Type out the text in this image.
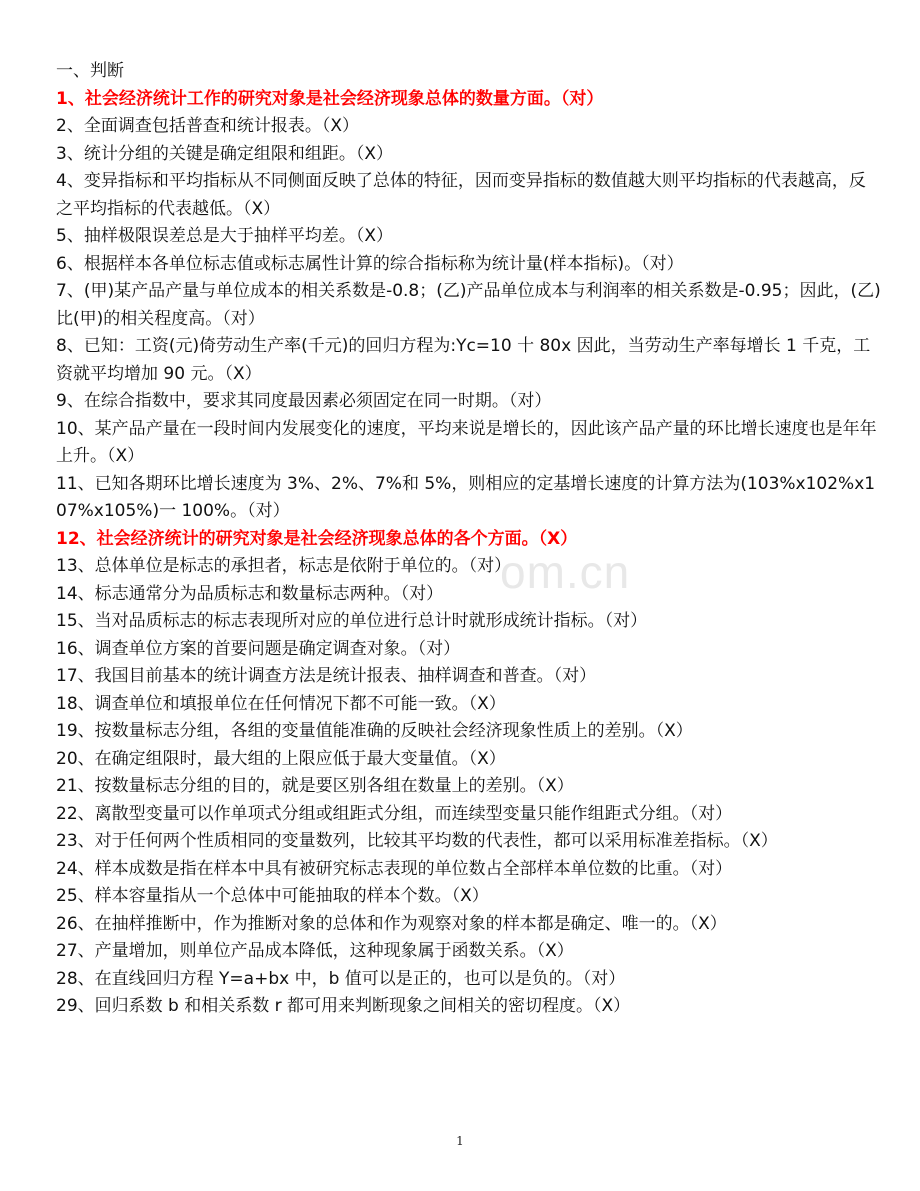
om.cn

一、判断

1、社会经济统计工作的研究对象是社会经济现象总体的数量方面。（对）

2、全面调查包括普查和统计报表。（X）

3、统计分组的关键是确定组限和组距。（X）

4、变异指标和平均指标从不同侧面反映了总体的特征，因而变异指标的数值越大则平均指标的代表越高，反之平均指标的代表越低。（X）

5、抽样极限误差总是大于抽样平均差。（X）

6、根据样本各单位标志值或标志属性计算的综合指标称为统计量(样本指标)。（对）

7、(甲)某产品产量与单位成本的相关系数是-0.8；(乙)产品单位成本与利润率的相关系数是-0.95；因此，(乙)比(甲)的相关程度高。（对）

8、已知：工资(元)倚劳动生产率(千元)的回归方程为:Yc=10 十 80x 因此，当劳动生产率每增长 1 千克，工资就平均增加 90 元。（X）

9、在综合指数中，要求其同度最因素必须固定在同一时期。（对）

10、某产品产量在一段时间内发展变化的速度，平均来说是增长的，因此该产品产量的环比增长速度也是年年上升。（X）

11、已知各期环比增长速度为 3%、2%、7%和 5%，则相应的定基增长速度的计算方法为(103%x102%x107%x105%)一 100%。（对）

12、社会经济统计的研究对象是社会经济现象总体的各个方面。（X）

13、总体单位是标志的承担者，标志是依附于单位的。（对）

14、标志通常分为品质标志和数量标志两种。（对）

15、当对品质标志的标志表现所对应的单位进行总计时就形成统计指标。（对）

16、调查单位方案的首要问题是确定调查对象。（对）

17、我国目前基本的统计调查方法是统计报表、抽样调查和普查。（对）

18、调查单位和填报单位在任何情况下都不可能一致。（X）

19、按数量标志分组，各组的变量值能准确的反映社会经济现象性质上的差别。（X）

20、在确定组限时，最大组的上限应低于最大变量值。（X）

21、按数量标志分组的目的，就是要区别各组在数量上的差别。（X）

22、离散型变量可以作单项式分组或组距式分组，而连续型变量只能作组距式分组。（对）

23、对于任何两个性质相同的变量数列，比较其平均数的代表性，都可以采用标准差指标。（X）

24、样本成数是指在样本中具有被研究标志表现的单位数占全部样本单位数的比重。（对）

25、样本容量指从一个总体中可能抽取的样本个数。（X）

26、在抽样推断中，作为推断对象的总体和作为观察对象的样本都是确定、唯一的。（X）

27、产量增加，则单位产品成本降低，这种现象属于函数关系。（X）

28、在直线回归方程 Y=a+bx 中，b 值可以是正的，也可以是负的。（对）

29、回归系数 b 和相关系数 r 都可用来判断现象之间相关的密切程度。（X）

1
